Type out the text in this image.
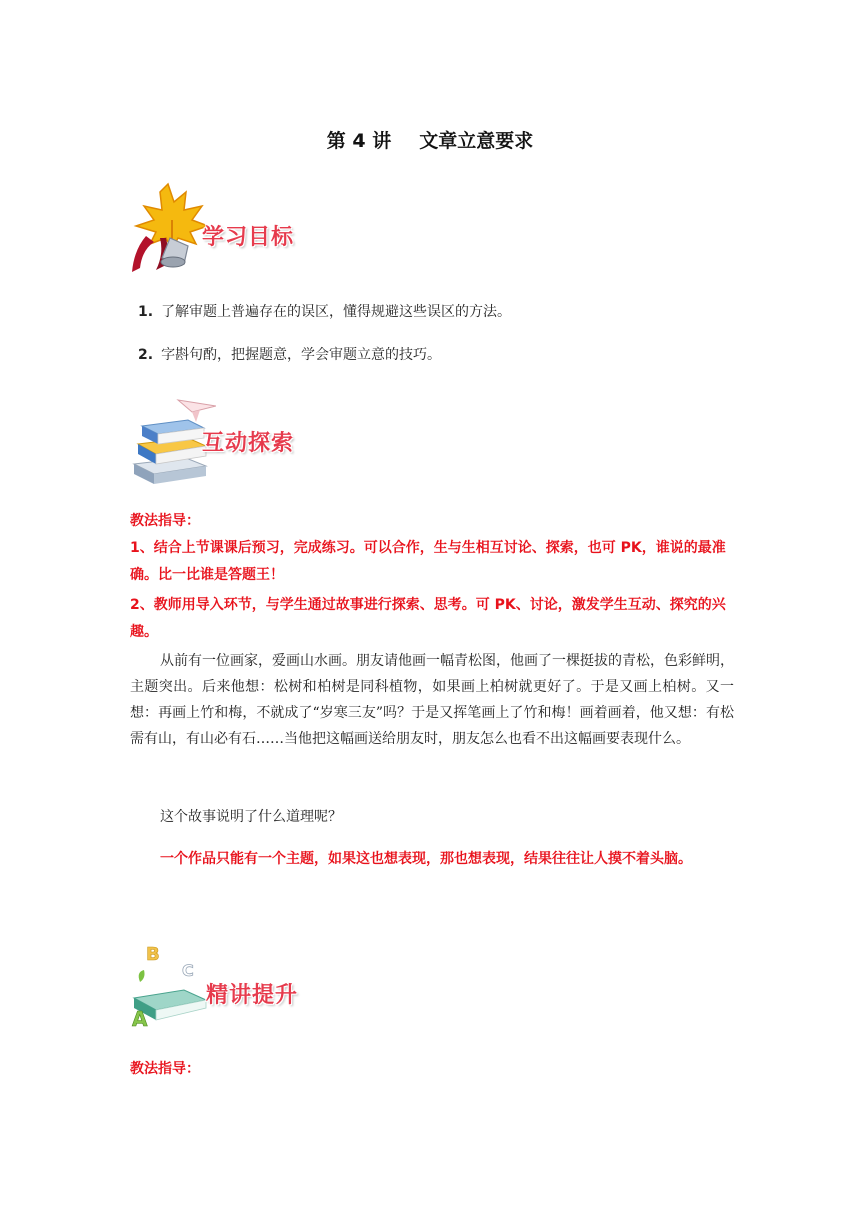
第 4 讲 文章立意要求
学习目标
1. 了解审题上普遍存在的误区，懂得规避这些误区的方法。
2. 字斟句酌，把握题意，学会审题立意的技巧。
互动探索
教法指导：
1、结合上节课课后预习，完成练习。可以合作，生与生相互讨论、探索，也可 PK，谁说的最准确。比一比谁是答题王！
2、教师用导入环节，与学生通过故事进行探索、思考。可 PK、讨论，激发学生互动、探究的兴趣。
从前有一位画家，爱画山水画。朋友请他画一幅青松图，他画了一棵挺拔的青松，色彩鲜明，主题突出。后来他想：松树和柏树是同科植物，如果画上柏树就更好了。于是又画上柏树。又一想：再画上竹和梅，不就成了“岁寒三友”吗？于是又挥笔画上了竹和梅！画着画着，他又想：有松需有山，有山必有石……当他把这幅画送给朋友时，朋友怎么也看不出这幅画要表现什么。
这个故事说明了什么道理呢？
一个作品只能有一个主题，如果这也想表现，那也想表现，结果往往让人摸不着头脑。
B
C
A
精讲提升
教法指导：
